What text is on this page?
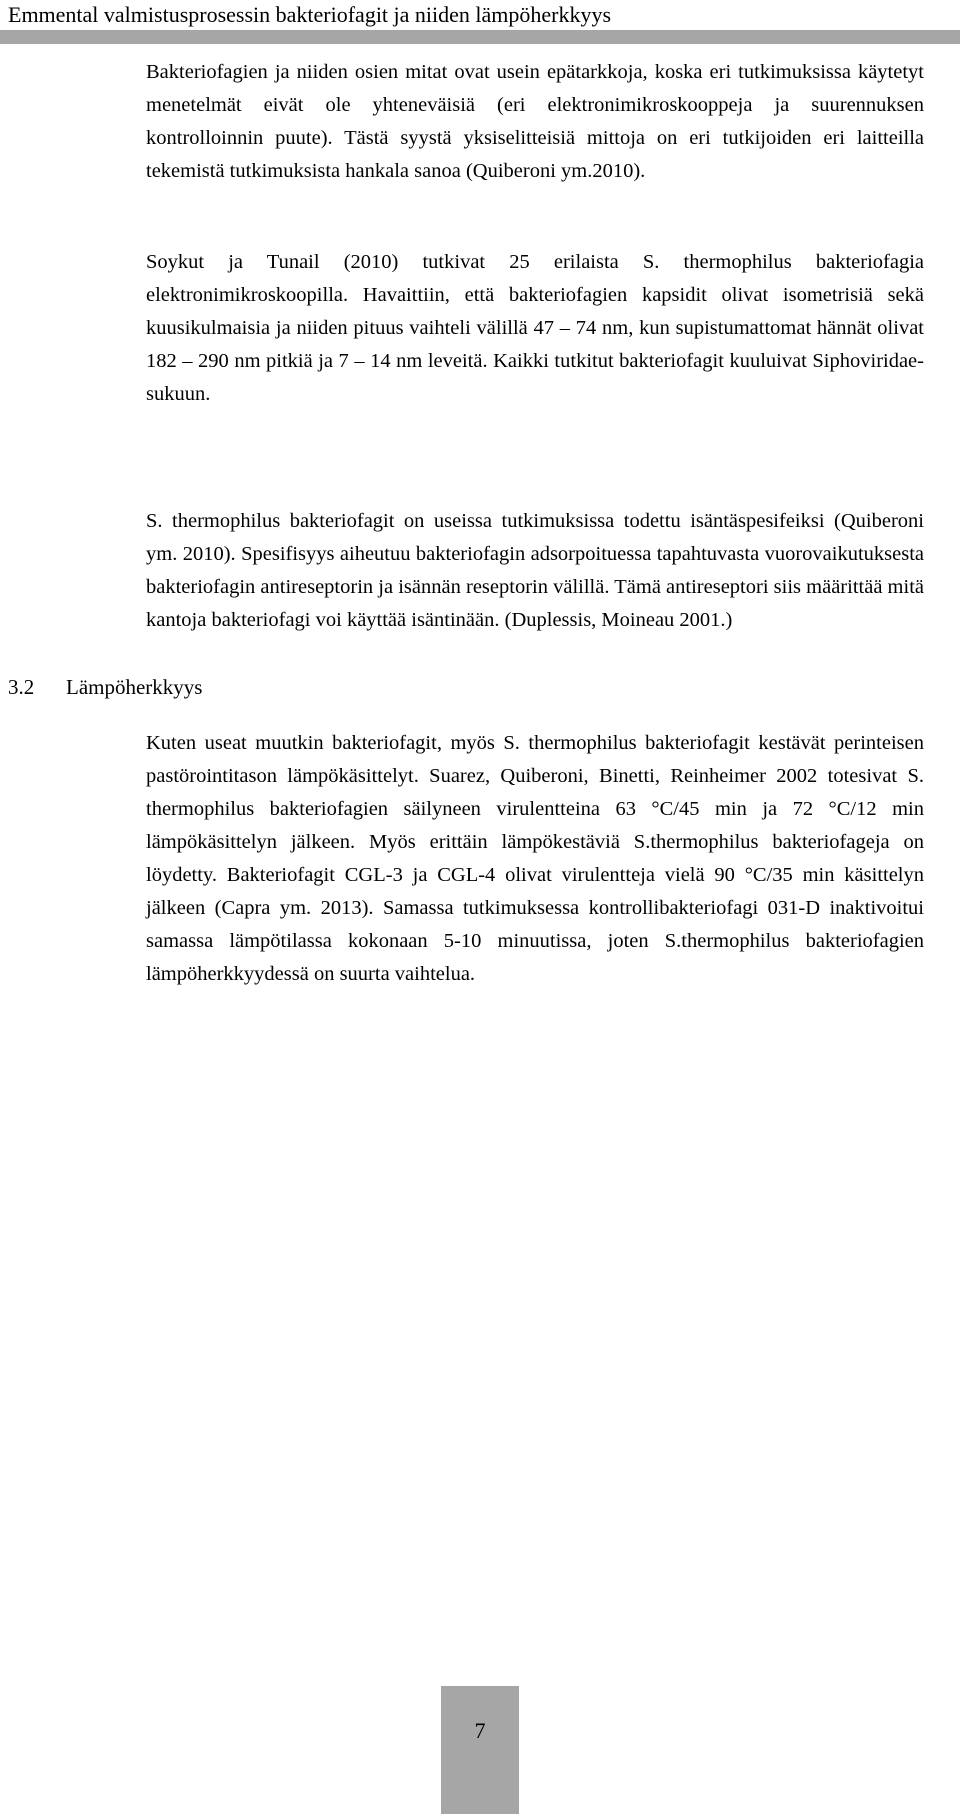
Emmental valmistusprosessin bakteriofagit ja niiden lämpöherkkyys

Bakteriofagien ja niiden osien mitat ovat usein epätarkkoja, koska eri tutkimuksissa käytetyt menetelmät eivät ole yhteneväisiä (eri elektronimikroskooppeja ja suurennuksen kontrolloinnin puute). Tästä syystä yksiselitteisiä mittoja on eri tutkijoiden eri laitteilla tekemistä tutkimuksista hankala sanoa (Quiberoni ym.2010).

Soykut ja Tunail (2010) tutkivat 25 erilaista S. thermophilus bakteriofagia elektronimikroskoopilla. Havaittiin, että bakteriofagien kapsidit olivat isometrisiä sekä kuusikulmaisia ja niiden pituus vaihteli välillä 47 – 74 nm, kun supistumattomat hännät olivat 182 – 290 nm pitkiä ja 7 – 14 nm leveitä. Kaikki tutkitut bakteriofagit kuuluivat Siphoviridae-sukuun.

S. thermophilus bakteriofagit on useissa tutkimuksissa todettu isäntäspesifeiksi (Quiberoni ym. 2010). Spesifisyys aiheutuu bakteriofagin adsorpoituessa tapahtuvasta vuorovaikutuksesta bakteriofagin antireseptorin ja isännän reseptorin välillä. Tämä antireseptori siis määrittää mitä kantoja bakteriofagi voi käyttää isäntinään. (Duplessis, Moineau 2001.)

3.2 Lämpöherkkyys

Kuten useat muutkin bakteriofagit, myös S. thermophilus bakteriofagit kestävät perinteisen pastörointitason lämpökäsittelyt. Suarez, Quiberoni, Binetti, Reinheimer 2002 totesivat S. thermophilus bakteriofagien säilyneen virulentteina 63 °C/45 min ja 72 °C/12 min lämpökäsittelyn jälkeen. Myös erittäin lämpökestäviä S.thermophilus bakteriofageja on löydetty. Bakteriofagit CGL-3 ja CGL-4 olivat virulentteja vielä 90 °C/35 min käsittelyn jälkeen (Capra ym. 2013). Samassa tutkimuksessa kontrollibakteriofagi 031-D inaktivoitui samassa lämpötilassa kokonaan 5-10 minuutissa, joten S.thermophilus bakteriofagien lämpöherkkyydessä on suurta vaihtelua.

7
